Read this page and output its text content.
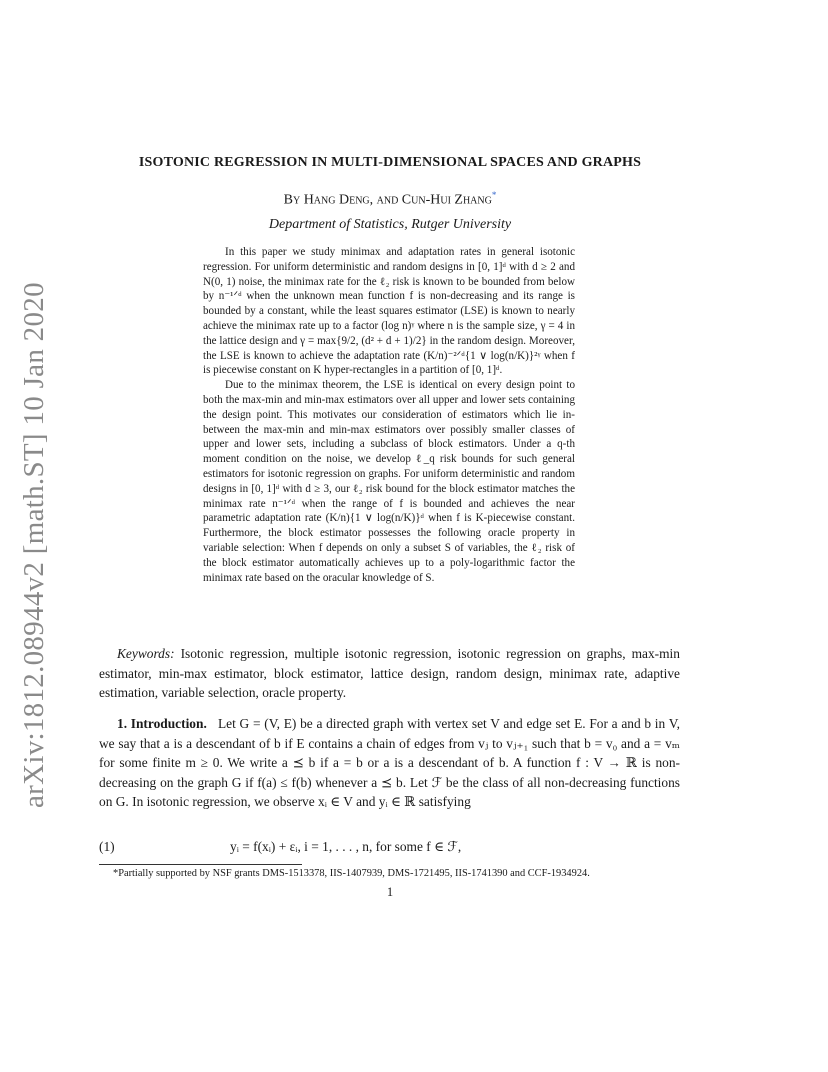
arXiv:1812.08944v2 [math.ST] 10 Jan 2020
ISOTONIC REGRESSION IN MULTI-DIMENSIONAL SPACES AND GRAPHS
By Hang Deng, and Cun-Hui Zhang*
Department of Statistics, Rutger University

In this paper we study minimax and adaptation rates in general isotonic regression. For uniform deterministic and random designs in [0, 1]ᵈ with d ≥ 2 and N(0, 1) noise, the minimax rate for the ℓ₂ risk is known to be bounded from below by n⁻¹ᐟᵈ when the unknown mean function f is non-decreasing and its range is bounded by a constant, while the least squares estimator (LSE) is known to nearly achieve the minimax rate up to a factor (log n)ᵞ where n is the sample size, γ = 4 in the lattice design and γ = max{9/2, (d² + d + 1)/2} in the random design. Moreover, the LSE is known to achieve the adaptation rate (K/n)⁻²ᐟᵈ{1 ∨ log(n/K)}²ᵞ when f is piecewise constant on K hyper-rectangles in a partition of [0, 1]ᵈ.

Due to the minimax theorem, the LSE is identical on every design point to both the max-min and min-max estimators over all upper and lower sets containing the design point. This motivates our consideration of estimators which lie in-between the max-min and min-max estimators over possibly smaller classes of upper and lower sets, including a subclass of block estimators. Under a q-th moment condition on the noise, we develop ℓ_q risk bounds for such general estimators for isotonic regression on graphs. For uniform deterministic and random designs in [0, 1]ᵈ with d ≥ 3, our ℓ₂ risk bound for the block estimator matches the minimax rate n⁻¹ᐟᵈ when the range of f is bounded and achieves the near parametric adaptation rate (K/n){1 ∨ log(n/K)}ᵈ when f is K-piecewise constant. Furthermore, the block estimator possesses the following oracle property in variable selection: When f depends on only a subset S of variables, the ℓ₂ risk of the block estimator automatically achieves up to a poly-logarithmic factor the minimax rate based on the oracular knowledge of S.

Keywords: Isotonic regression, multiple isotonic regression, isotonic regression on graphs, max-min estimator, min-max estimator, block estimator, lattice design, random design, minimax rate, adaptive estimation, variable selection, oracle property.

1. Introduction. Let G = (V, E) be a directed graph with vertex set V and edge set E. For a and b in V, we say that a is a descendant of b if E contains a chain of edges from vⱼ to vⱼ₊₁ such that b = v₀ and a = vₘ for some finite m ≥ 0. We write a ⪯ b if a = b or a is a descendant of b. A function f : V → ℝ is non-decreasing on the graph G if f(a) ≤ f(b) whenever a ⪯ b. Let ℱ be the class of all non-decreasing functions on G. In isotonic regression, we observe xᵢ ∈ V and yᵢ ∈ ℝ satisfying

(1)	yᵢ = f(xᵢ) + εᵢ, i = 1, . . . , n, for some f ∈ ℱ,
*Partially supported by NSF grants DMS-1513378, IIS-1407939, DMS-1721495, IIS-1741390 and CCF-1934924.
1
